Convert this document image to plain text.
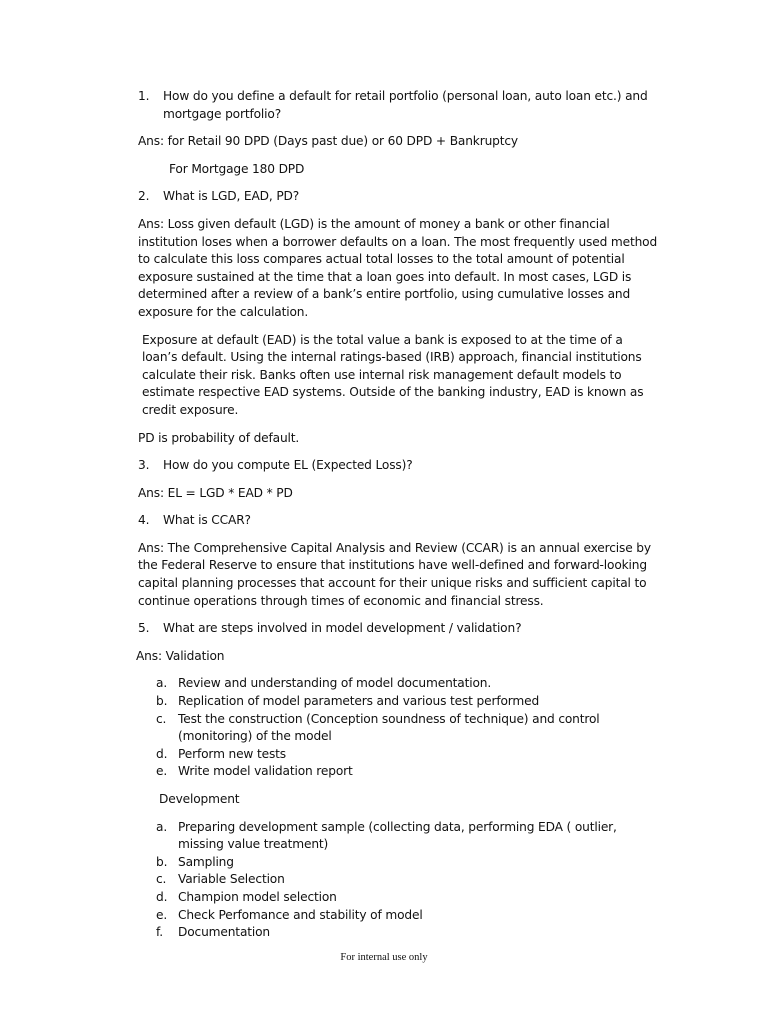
1.	How do you define a default for retail portfolio (personal loan, auto loan etc.) and mortgage portfolio?

Ans: for Retail 90 DPD (Days past due) or 60 DPD + Bankruptcy

For Mortgage 180 DPD

2.	What is LGD, EAD, PD?

Ans: Loss given default (LGD) is the amount of money a bank or other financial institution loses when a borrower defaults on a loan. The most frequently used method to calculate this loss compares actual total losses to the total amount of potential exposure sustained at the time that a loan goes into default. In most cases, LGD is determined after a review of a bank’s entire portfolio, using cumulative losses and exposure for the calculation.

Exposure at default (EAD) is the total value a bank is exposed to at the time of a loan’s default. Using the internal ratings-based (IRB) approach, financial institutions calculate their risk. Banks often use internal risk management default models to estimate respective EAD systems. Outside of the banking industry, EAD is known as credit exposure.

PD is probability of default.

3.	How do you compute EL (Expected Loss)?

Ans: EL = LGD * EAD * PD

4.	What is CCAR?

Ans: The Comprehensive Capital Analysis and Review (CCAR) is an annual exercise by the Federal Reserve to ensure that institutions have well-defined and forward-looking capital planning processes that account for their unique risks and sufficient capital to continue operations through times of economic and financial stress.

5.	What are steps involved in model development / validation?

Ans: Validation

a. Review and understanding of model documentation.
b. Replication of model parameters and various test performed
c. Test the construction (Conception soundness of technique) and control (monitoring) of the model
d. Perform new tests
e. Write model validation report

Development

a. Preparing development sample (collecting data, performing EDA ( outlier, missing value treatment)
b. Sampling
c. Variable Selection
d. Champion model selection
e. Check Perfomance and stability of model
f.	Documentation
For internal use only
